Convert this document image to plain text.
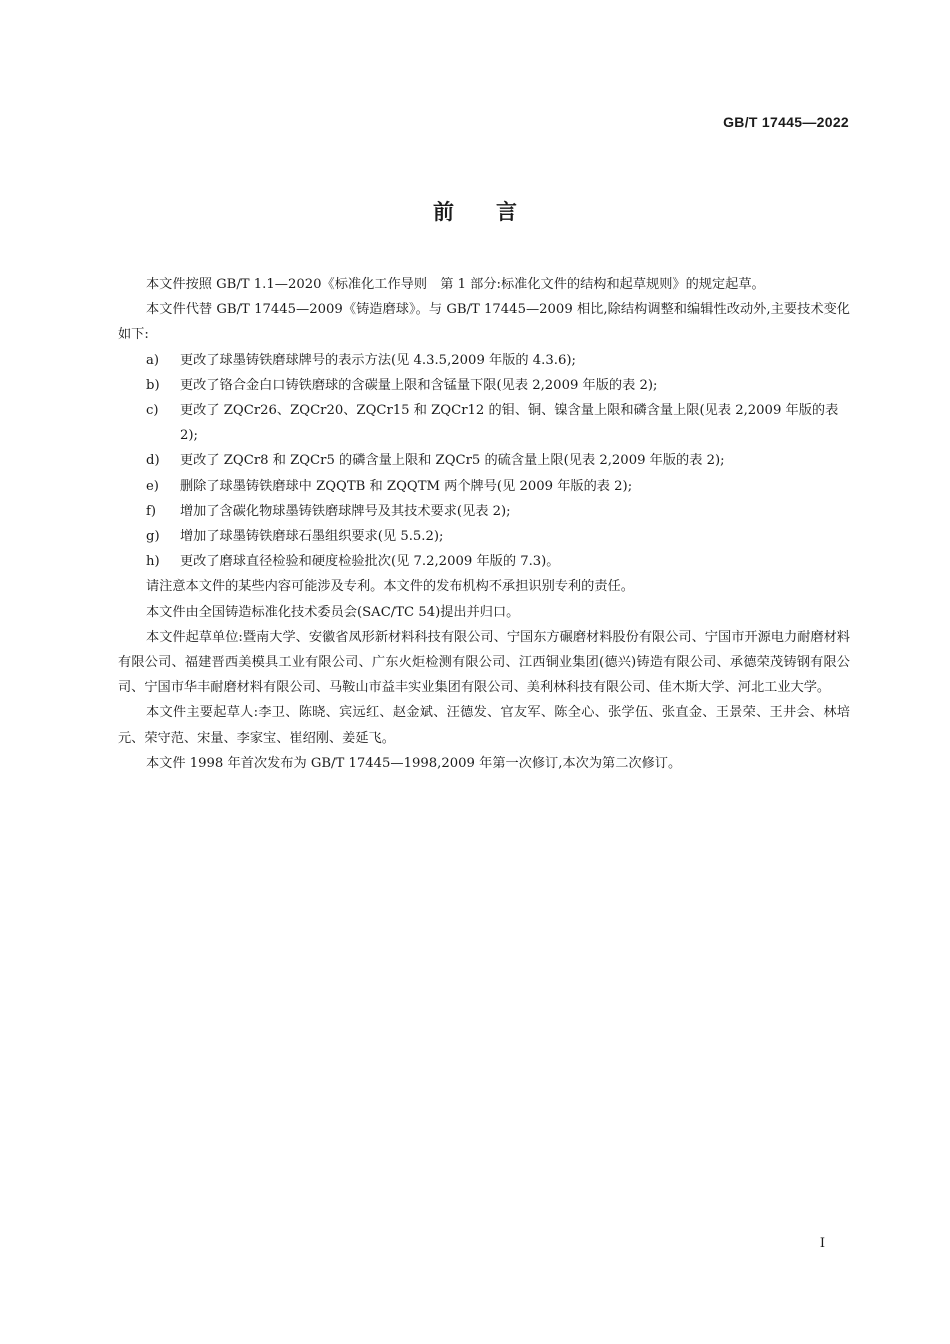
GB/T 17445—2022
前言

本文件按照 GB/T 1.1—2020《标准化工作导则　第 1 部分:标准化文件的结构和起草规则》的规定起草。

本文件代替 GB/T 17445—2009《铸造磨球》。与 GB/T 17445—2009 相比,除结构调整和编辑性改动外,主要技术变化如下:

a) 更改了球墨铸铁磨球牌号的表示方法(见 4.3.5,2009 年版的 4.3.6);

b) 更改了铬合金白口铸铁磨球的含碳量上限和含锰量下限(见表 2,2009 年版的表 2);

c) 更改了 ZQCr26、ZQCr20、ZQCr15 和 ZQCr12 的钼、铜、镍含量上限和磷含量上限(见表 2,2009 年版的表 2);

d) 更改了 ZQCr8 和 ZQCr5 的磷含量上限和 ZQCr5 的硫含量上限(见表 2,2009 年版的表 2);

e) 删除了球墨铸铁磨球中 ZQQTB 和 ZQQTM 两个牌号(见 2009 年版的表 2);

f) 增加了含碳化物球墨铸铁磨球牌号及其技术要求(见表 2);

g) 增加了球墨铸铁磨球石墨组织要求(见 5.5.2);

h) 更改了磨球直径检验和硬度检验批次(见 7.2,2009 年版的 7.3)。

请注意本文件的某些内容可能涉及专利。本文件的发布机构不承担识别专利的责任。

本文件由全国铸造标准化技术委员会(SAC/TC 54)提出并归口。

本文件起草单位:暨南大学、安徽省凤形新材料科技有限公司、宁国东方碾磨材料股份有限公司、宁国市开源电力耐磨材料有限公司、福建晋西美模具工业有限公司、广东火炬检测有限公司、江西铜业集团(德兴)铸造有限公司、承德荣茂铸钢有限公司、宁国市华丰耐磨材料有限公司、马鞍山市益丰实业集团有限公司、美利林科技有限公司、佳木斯大学、河北工业大学。

本文件主要起草人:李卫、陈晓、宾远红、赵金斌、汪德发、官友军、陈全心、张学伍、张直金、王景荣、王井会、林培元、荣守范、宋量、李家宝、崔绍刚、姜延飞。

本文件 1998 年首次发布为 GB/T 17445—1998,2009 年第一次修订,本次为第二次修订。

I
